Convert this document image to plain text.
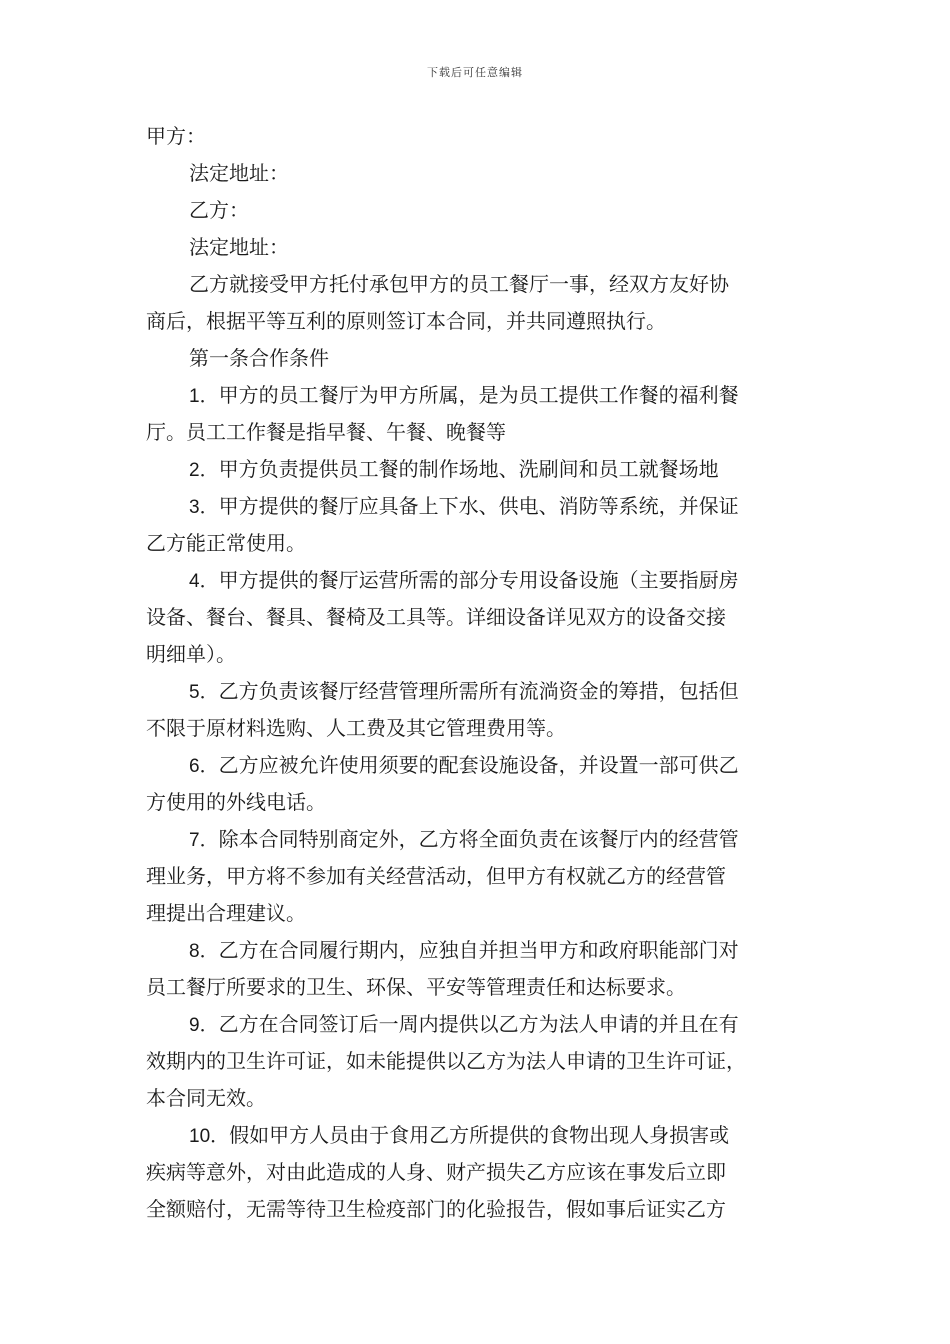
下载后可任意编辑
甲方：
法定地址：
乙方：
法定地址：
乙方就接受甲方托付承包甲方的员工餐厅一事，经双方友好协
商后，根据平等互利的原则签订本合同，并共同遵照执行。
第一条合作条件
1．甲方的员工餐厅为甲方所属，是为员工提供工作餐的福利餐
厅。员工工作餐是指早餐、午餐、晚餐等
2．甲方负责提供员工餐的制作场地、洗刷间和员工就餐场地
3．甲方提供的餐厅应具备上下水、供电、消防等系统，并保证
乙方能正常使用。
4．甲方提供的餐厅运营所需的部分专用设备设施（主要指厨房
设备、餐台、餐具、餐椅及工具等。详细设备详见双方的设备交接
明细单）。
5．乙方负责该餐厅经营管理所需所有流淌资金的筹措，包括但
不限于原材料选购、人工费及其它管理费用等。
6．乙方应被允许使用须要的配套设施设备，并设置一部可供乙
方使用的外线电话。
7．除本合同特别商定外，乙方将全面负责在该餐厅内的经营管
理业务，甲方将不参加有关经营活动，但甲方有权就乙方的经营管
理提出合理建议。
8．乙方在合同履行期内，应独自并担当甲方和政府职能部门对
员工餐厅所要求的卫生、环保、平安等管理责任和达标要求。
9．乙方在合同签订后一周内提供以乙方为法人申请的并且在有
效期内的卫生许可证，如未能提供以乙方为法人申请的卫生许可证，
本合同无效。
10．假如甲方人员由于食用乙方所提供的食物出现人身损害或
疾病等意外，对由此造成的人身、财产损失乙方应该在事发后立即
全额赔付，无需等待卫生检疫部门的化验报告，假如事后证实乙方
